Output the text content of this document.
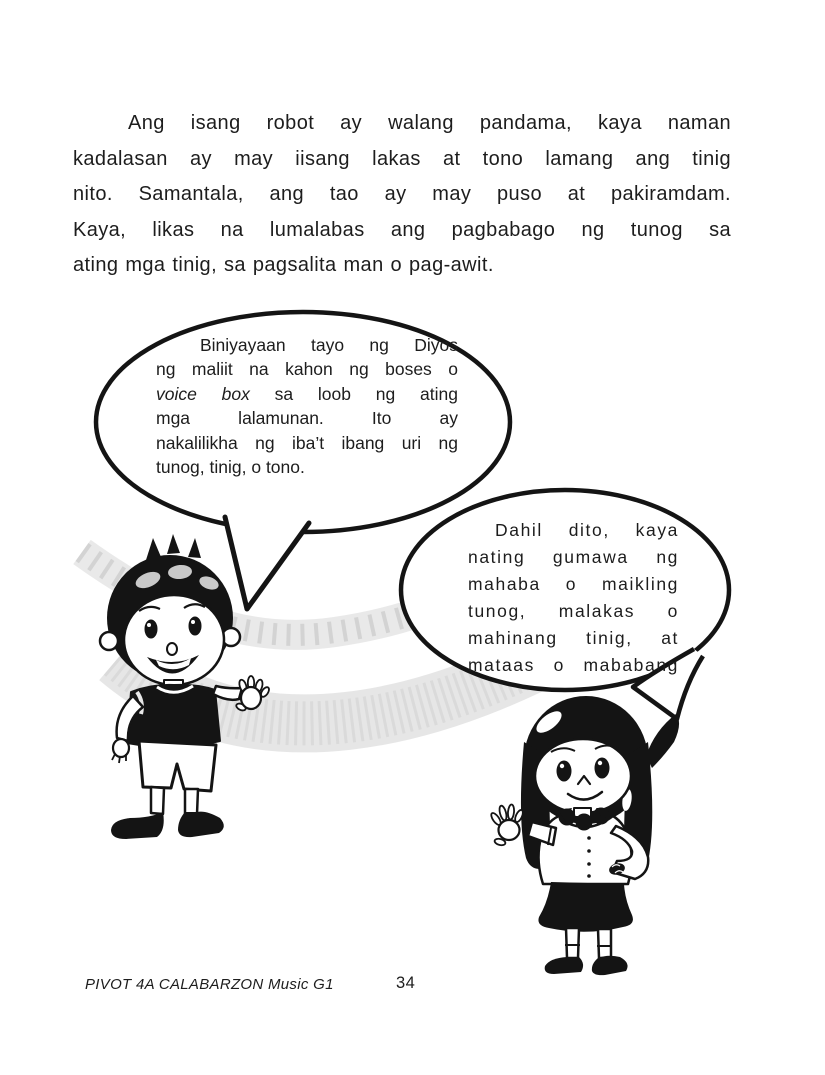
Ang isang robot ay walang pandama, kaya naman
kadalasan ay may iisang lakas at tono lamang ang tinig
nito. Samantala, ang tao ay may puso at pakiramdam.
Kaya, likas na lumalabas ang pagbabago ng tunog sa
ating mga tinig, sa pagsalita man o pag-awit.
Biniyayaan tayo ng Diyos
ng maliit na kahon ng boses o
voice box sa loob ng ating
mga lalamunan. Ito ay
nakalilikha ng iba’t ibang uri ng
tunog, tinig, o tono.
Dahil dito, kaya
nating gumawa ng
mahaba o maikling
tunog, malakas o
mahinang tinig, at
mataas o mababang
PIVOT 4A CALABARZON Music G1	34
